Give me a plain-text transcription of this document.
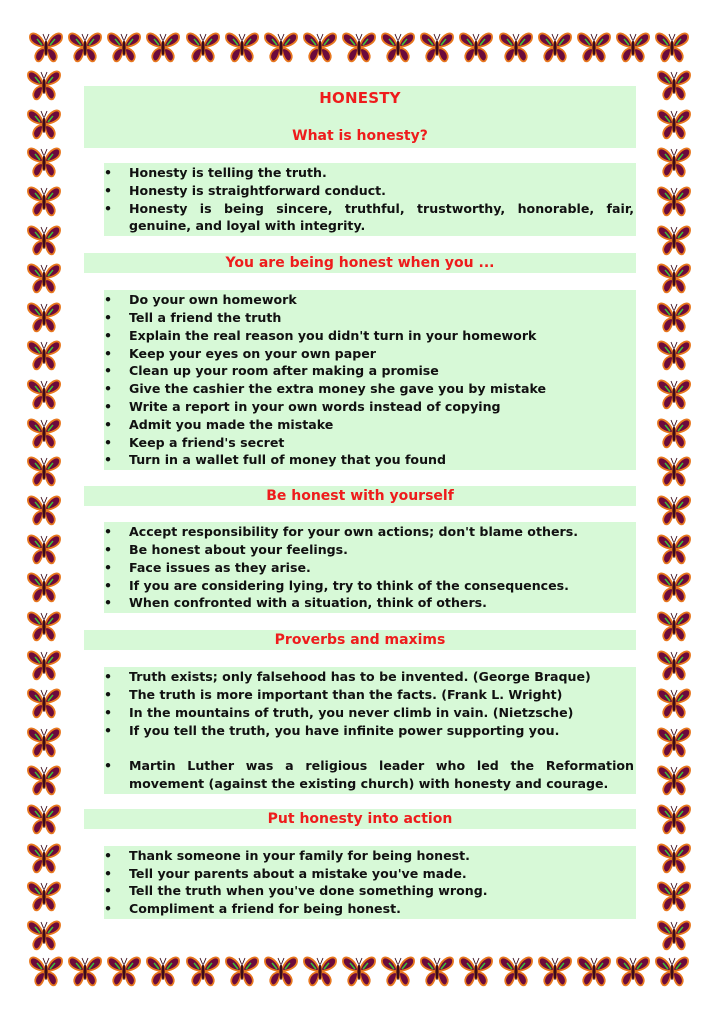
HONESTY
What is honesty?
• Honesty is telling the truth.
• Honesty is straightforward conduct.
• Honesty is being sincere, truthful, trustworthy, honorable, fair, genuine, and loyal with integrity.
You are being honest when you ...
• Do your own homework
• Tell a friend the truth
• Explain the real reason you didn't turn in your homework
• Keep your eyes on your own paper
• Clean up your room after making a promise
• Give the cashier the extra money she gave you by mistake
• Write a report in your own words instead of copying
• Admit you made the mistake
• Keep a friend's secret
• Turn in a wallet full of money that you found
Be honest with yourself
• Accept responsibility for your own actions; don't blame others.
• Be honest about your feelings.
• Face issues as they arise.
• If you are considering lying, try to think of the consequences.
• When confronted with a situation, think of others.
Proverbs and maxims
• Truth exists; only falsehood has to be invented. (George Braque)
• The truth is more important than the facts. (Frank L. Wright)
• In the mountains of truth, you never climb in vain. (Nietzsche)
• If you tell the truth, you have infinite power supporting you.
• Martin Luther was a religious leader who led the Reformation movement (against the existing church) with honesty and courage.
Put honesty into action
• Thank someone in your family for being honest.
• Tell your parents about a mistake you've made.
• Tell the truth when you've done something wrong.
• Compliment a friend for being honest.
